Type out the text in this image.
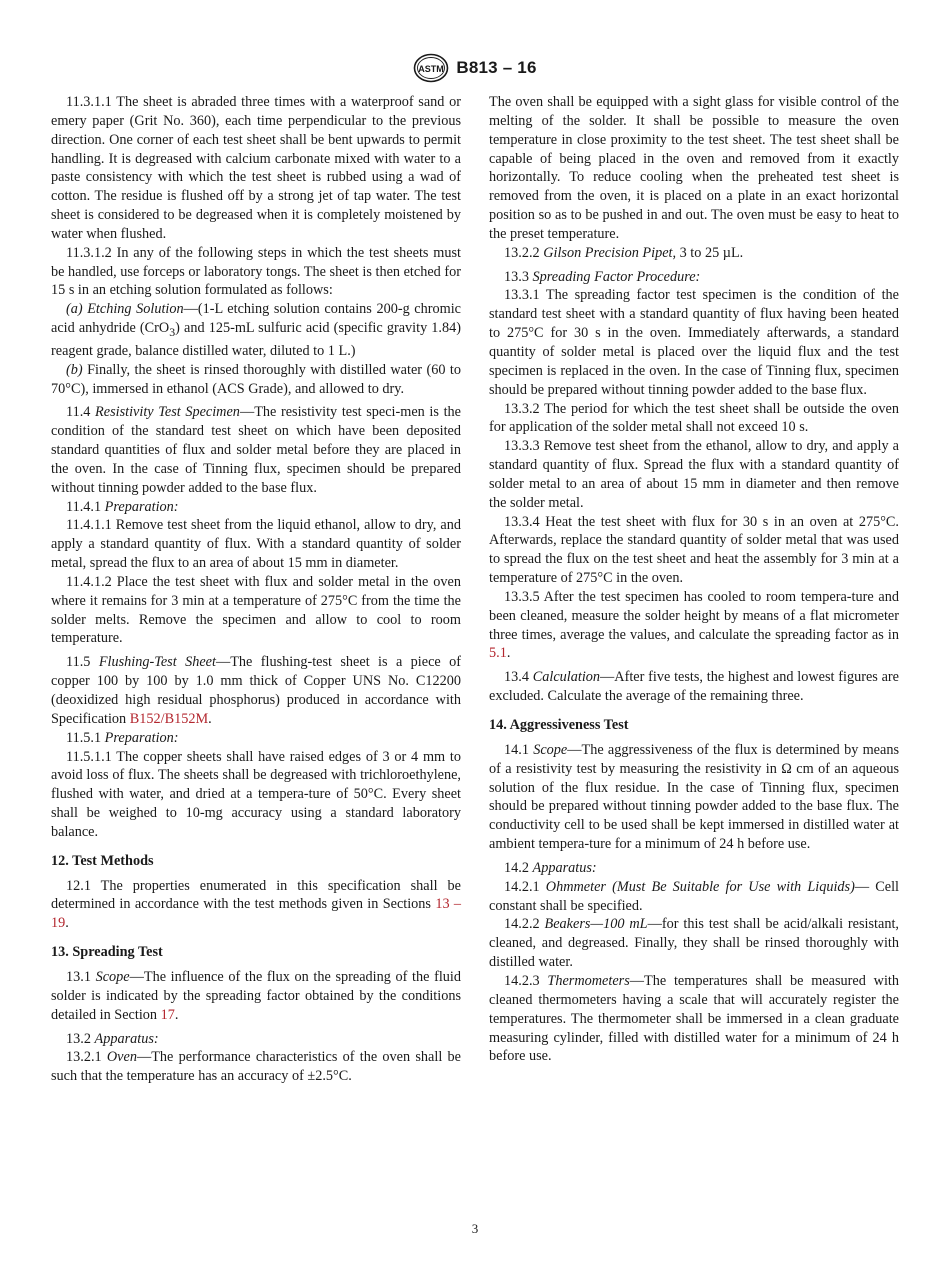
ASTM B813 – 16

11.3.1.1 The sheet is abraded three times with a waterproof sand or emery paper (Grit No. 360), each time perpendicular to the previous direction. One corner of each test sheet shall be bent upwards to permit handling. It is degreased with calcium carbonate mixed with water to a paste consistency with which the test sheet is rubbed using a wad of cotton. The residue is flushed off by a strong jet of tap water. The test sheet is considered to be degreased when it is completely moistened by water when flushed.

11.3.1.2 In any of the following steps in which the test sheets must be handled, use forceps or laboratory tongs. The sheet is then etched for 15 s in an etching solution formulated as follows:

(a) Etching Solution—(1-L etching solution contains 200-g chromic acid anhydride (CrO$_3$) and 125-mL sulfuric acid (specific gravity 1.84) reagent grade, balance distilled water, diluted to 1 L.)

(b) Finally, the sheet is rinsed thoroughly with distilled water (60 to 70°C), immersed in ethanol (ACS Grade), and allowed to dry.

11.4 Resistivity Test Specimen—The resistivity test speci-men is the condition of the standard test sheet on which have been deposited standard quantities of flux and solder metal before they are placed in the oven. In the case of Tinning flux, specimen should be prepared without tinning powder added to the base flux.

11.4.1 Preparation:

11.4.1.1 Remove test sheet from the liquid ethanol, allow to dry, and apply a standard quantity of flux. With a standard quantity of solder metal, spread the flux to an area of about 15 mm in diameter.

11.4.1.2 Place the test sheet with flux and solder metal in the oven where it remains for 3 min at a temperature of 275°C from the time the solder melts. Remove the specimen and allow to cool to room temperature.

11.5 Flushing-Test Sheet—The flushing-test sheet is a piece of copper 100 by 100 by 1.0 mm thick of Copper UNS No. C12200 (deoxidized high residual phosphorus) produced in accordance with Specification B152/B152M.

11.5.1 Preparation:

11.5.1.1 The copper sheets shall have raised edges of 3 or 4 mm to avoid loss of flux. The sheets shall be degreased with trichloroethylene, flushed with water, and dried at a tempera-ture of 50°C. Every sheet shall be weighed to 10-mg accuracy using a standard laboratory balance.

12. Test Methods

12.1 The properties enumerated in this specification shall be determined in accordance with the test methods given in Sections 13 – 19.

13. Spreading Test

13.1 Scope—The influence of the flux on the spreading of the fluid solder is indicated by the spreading factor obtained by the conditions detailed in Section 17.

13.2 Apparatus:

13.2.1 Oven—The performance characteristics of the oven shall be such that the temperature has an accuracy of ±2.5°C.

The oven shall be equipped with a sight glass for visible control of the melting of the solder. It shall be possible to measure the oven temperature in close proximity to the test sheet. The test sheet shall be capable of being placed in the oven and removed from it exactly horizontally. To reduce cooling when the preheated test sheet is removed from the oven, it is placed on a plate in an exact horizontal position so as to be pushed in and out. The oven must be easy to heat to the preset temperature.

13.2.2 Gilson Precision Pipet, 3 to 25 µL.

13.3 Spreading Factor Procedure:

13.3.1 The spreading factor test specimen is the condition of the standard test sheet with a standard quantity of flux having been heated to 275°C for 30 s in the oven. Immediately afterwards, a standard quantity of solder metal is placed over the liquid flux and the test specimen is replaced in the oven. In the case of Tinning flux, specimen should be prepared without tinning powder added to the base flux.

13.3.2 The period for which the test sheet shall be outside the oven for application of the solder metal shall not exceed 10 s.

13.3.3 Remove test sheet from the ethanol, allow to dry, and apply a standard quantity of flux. Spread the flux with a standard quantity of solder metal to an area of about 15 mm in diameter and then remove the solder metal.

13.3.4 Heat the test sheet with flux for 30 s in an oven at 275°C. Afterwards, replace the standard quantity of solder metal that was used to spread the flux on the test sheet and heat the assembly for 3 min at a temperature of 275°C in the oven.

13.3.5 After the test specimen has cooled to room tempera-ture and been cleaned, measure the solder height by means of a flat micrometer three times, average the values, and calculate the spreading factor as in 5.1.

13.4 Calculation—After five tests, the highest and lowest figures are excluded. Calculate the average of the remaining three.

14. Aggressiveness Test

14.1 Scope—The aggressiveness of the flux is determined by means of a resistivity test by measuring the resistivity in Ω cm of an aqueous solution of the flux residue. In the case of Tinning flux, specimen should be prepared without tinning powder added to the base flux. The conductivity cell to be used shall be kept immersed in distilled water at ambient tempera-ture for a minimum of 24 h before use.

14.2 Apparatus:

14.2.1 Ohmmeter (Must Be Suitable for Use with Liquids)— Cell constant shall be specified.

14.2.2 Beakers—100 mL—for this test shall be acid/alkali resistant, cleaned, and degreased. Finally, they shall be rinsed thoroughly with distilled water.

14.2.3 Thermometers—The temperatures shall be measured with cleaned thermometers having a scale that will accurately register the temperatures. The thermometer shall be immersed in a clean graduate measuring cylinder, filled with distilled water for a minimum of 24 h before use.

3
